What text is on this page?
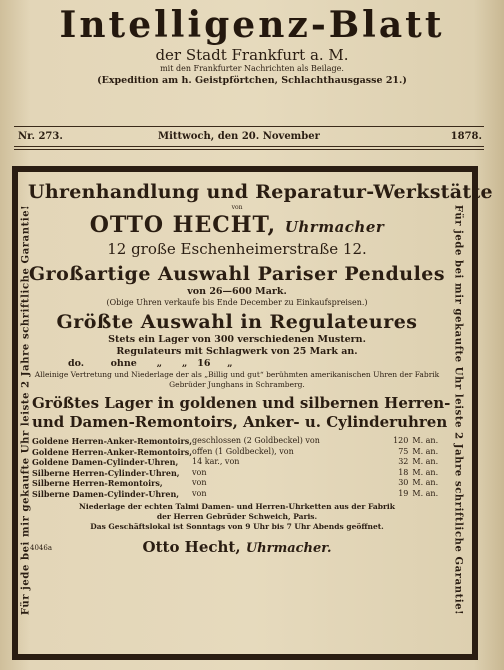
Intelligenz-Blatt
der Stadt Frankfurt a. M.
mit den Frankfurter Nachrichten als Beilage.
(Expedition am h. Geistpförtchen, Schlachthausgasse 21.)
Nr. 273.	Mittwoch, den 20. November	1878.
Für jede bei mir gekaufte Uhr leiste 2 Jahre schriftliche Garantie!	Für jede bei mir gekaufte Uhr leiste 2 Jahre schriftliche Garantie!
Uhrenhandlung und Reparatur-Werkstätte
von
OTTO HECHT, Uhrmacher
12 große Eschenheimerstraße 12.
Großartige Auswahl Pariser Pendules
von 26—600 Mark.
(Obige Uhren verkaufe bis Ende December zu Einkaufspreisen.)
Größte Auswahl in Regulateures
Stets ein Lager von 300 verschiedenen Mustern.
Regulateurs mit Schlagwerk von 25 Mark an.
do.        ohne      „      „   16     „
Alleinige Vertretung und Niederlage der als „Billig und gut“ berühmten amerikanischen Uhren der Fabrik Gebrüder Junghans in Schramberg.
Größtes Lager in goldenen und silbernen Herren-
und Damen-Remontoirs, Anker- u. Cylinderuhren
Goldene Herren-Anker-Remontoirs,	geschlossen (2 Goldbeckel) von		120	M. an.
Goldene Herren-Anker-Remontoirs,	offen (1 Goldbeckel), von		75	M. an.
Goldene Damen-Cylinder-Uhren,	14 kar., von		32	M. an.
Silberne Herren-Cylinder-Uhren,	von		18	M. an.
Silberne Herren-Remontoirs,	von		30	M. an.
Silberne Damen-Cylinder-Uhren,	von		19	M. an.
Niederlage der echten Talmi Damen- und Herren-Uhrketten aus der Fabrik
der Herren Gebrüder Schweich, Paris.
Das Geschäftslokal ist Sonntags von 9 Uhr bis 7 Uhr Abends geöffnet.
4046a	Otto Hecht, Uhrmacher.
